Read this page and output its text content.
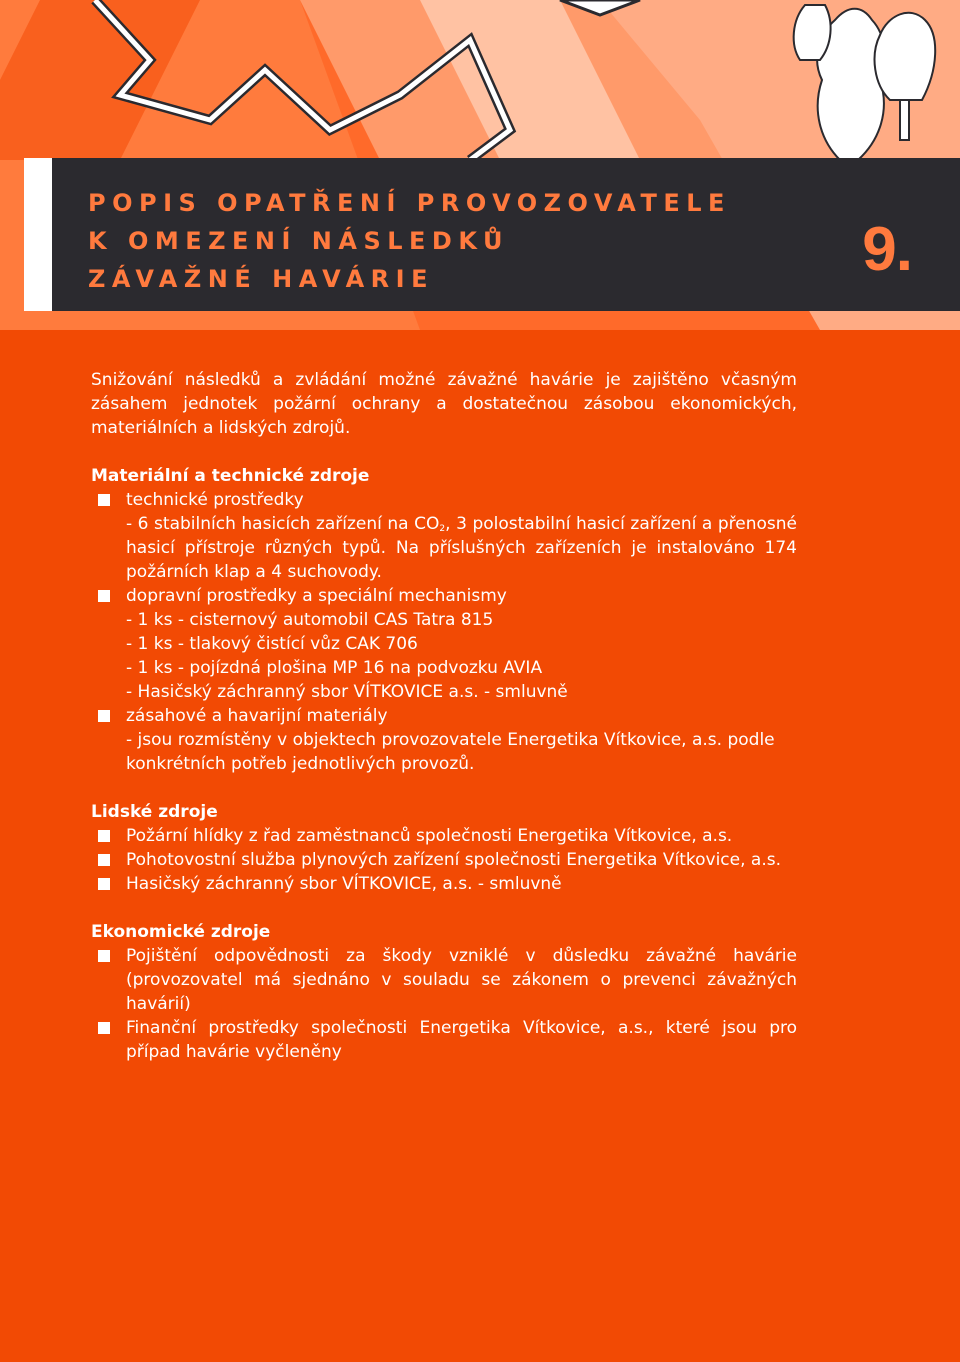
POPIS OPATŘENÍ PROVOZOVATELE
K OMEZENÍ NÁSLEDKŮ
ZÁVAŽNÉ HAVÁRIE	9.

Snižování následků a zvládání možné závažné havárie je zajištěno včasným zásahem jednotek požární ochrany a dostatečnou zásobou ekonomických, materiálních a lidských zdrojů.

Materiální a technické zdroje

technické prostředky
- 6 stabilních hasicích zařízení na $CO_2$, 3 polostabilní hasicí zařízení a přenosné hasicí přístroje různých typů. Na příslušných zařízeních je instalováno 174 požárních klap a 4 suchovody.
dopravní prostředky a speciální mechanismy
- 1 ks - cisternový automobil CAS Tatra 815
- 1 ks - tlakový čistící vůz CAK 706
- 1 ks - pojízdná plošina MP 16 na podvozku AVIA
- Hasičský záchranný sbor VÍTKOVICE a.s. - smluvně
zásahové a havarijní materiály
- jsou rozmístěny v objektech provozovatele Energetika Vítkovice, a.s. podle konkrétních potřeb jednotlivých provozů.

Lidské zdroje

Požární hlídky z řad zaměstnanců společnosti Energetika Vítkovice, a.s.
Pohotovostní služba plynových zařízení společnosti Energetika Vítkovice, a.s.
Hasičský záchranný sbor VÍTKOVICE, a.s. - smluvně

Ekonomické zdroje

Pojištění odpovědnosti za škody vzniklé v důsledku závažné havárie (provozovatel má sjednáno v souladu se zákonem o prevenci závažných havárií)
Finanční prostředky společnosti Energetika Vítkovice, a.s., které jsou pro případ havárie vyčleněny
